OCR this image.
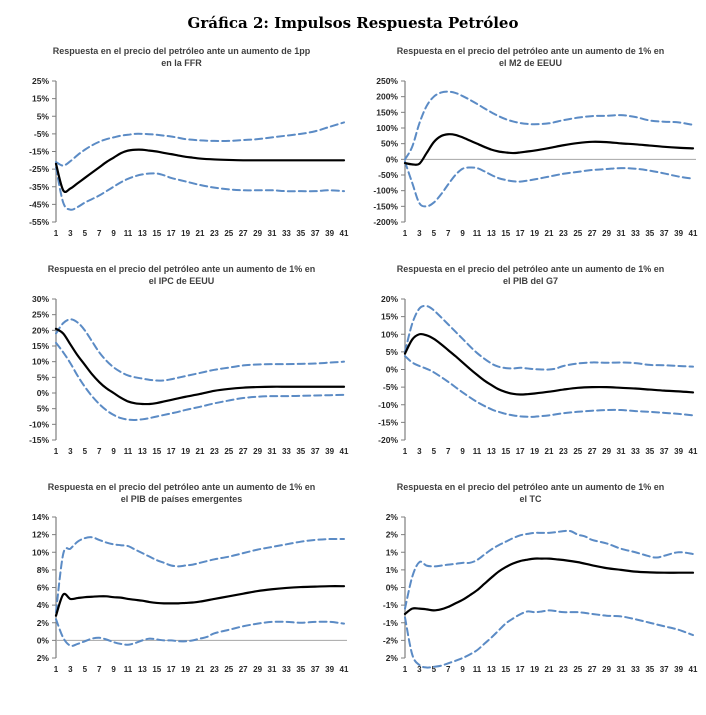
Gráfica 2: Impulsos Respuesta Petróleo
Respuesta en el precio del petróleo ante un aumento de 1pp
en la FFR
25%
15%
5%
-5%
-15%
-25%
-35%
-45%
-55%
1 3 5 7 9 11 13 15 17 19 21 23 25 27 29 31 33 35 37 39 41
Respuesta en el precio del petróleo ante un aumento de 1% en
el M2 de EEUU
250%
200%
150%
100%
50%
0%
-50%
-100%
-150%
-200%
1 3 5 7 9 11 13 15 17 19 21 23 25 27 29 31 33 35 37 39 41
Respuesta en el precio del petróleo ante un aumento de 1% en
el IPC de EEUU
30%
25%
20%
15%
10%
5%
0%
5%
-10%
-15%
1 3 5 7 9 11 13 15 17 19 21 23 25 27 29 31 33 35 37 39 41
Respuesta en el precio del petróleo ante un aumento de 1% en
el PIB del G7
20%
15%
10%
5%
0%
-5%
-10%
-15%
-20%
1 3 5 7 9 11 13 15 17 19 21 23 25 27 29 31 33 35 37 39 41
Respuesta en el precio del petróleo ante un aumento de 1% en
el PIB de países emergentes
14%
12%
10%
8%
6%
4%
2%
0%
2%
1 3 5 7 9 11 13 15 17 19 21 23 25 27 29 31 33 35 37 39 41
Respuesta en el precio del petróleo ante un aumento de 1% en
el TC
2%
2%
1%
1%
0%
-1%
-1%
-2%
2%
1 3 5 7 9 11 13 15 17 19 21 23 25 27 29 31 33 35 37 39 41
